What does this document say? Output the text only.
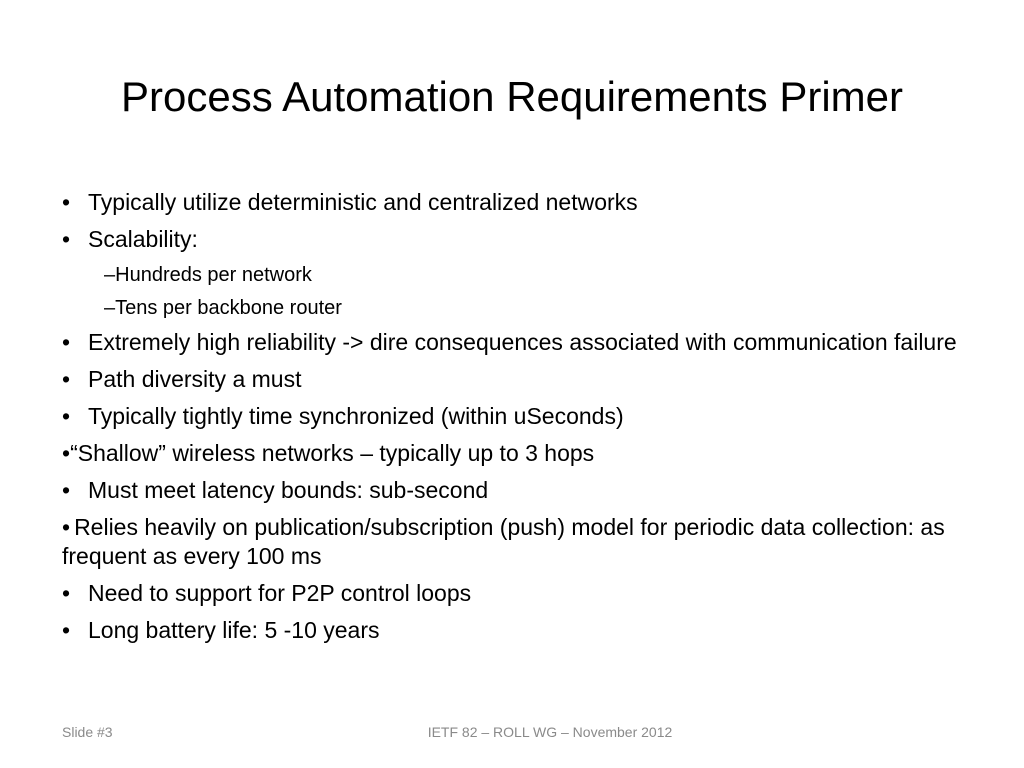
Process Automation Requirements Primer
• Typically utilize deterministic and centralized networks
• Scalability:
–Hundreds per network
–Tens per backbone router
• Extremely high reliability -> dire consequences associated with communication failure
• Path diversity a must
• Typically tightly time synchronized (within uSeconds)
•“Shallow” wireless networks – typically up to 3 hops
• Must meet latency bounds: sub-second
• Relies heavily on publication/subscription (push) model for periodic data collection: as frequent as every 100 ms
• Need to support for P2P control loops
• Long battery life: 5 -10 years
Slide #3	IETF 82 – ROLL WG – November 2012
